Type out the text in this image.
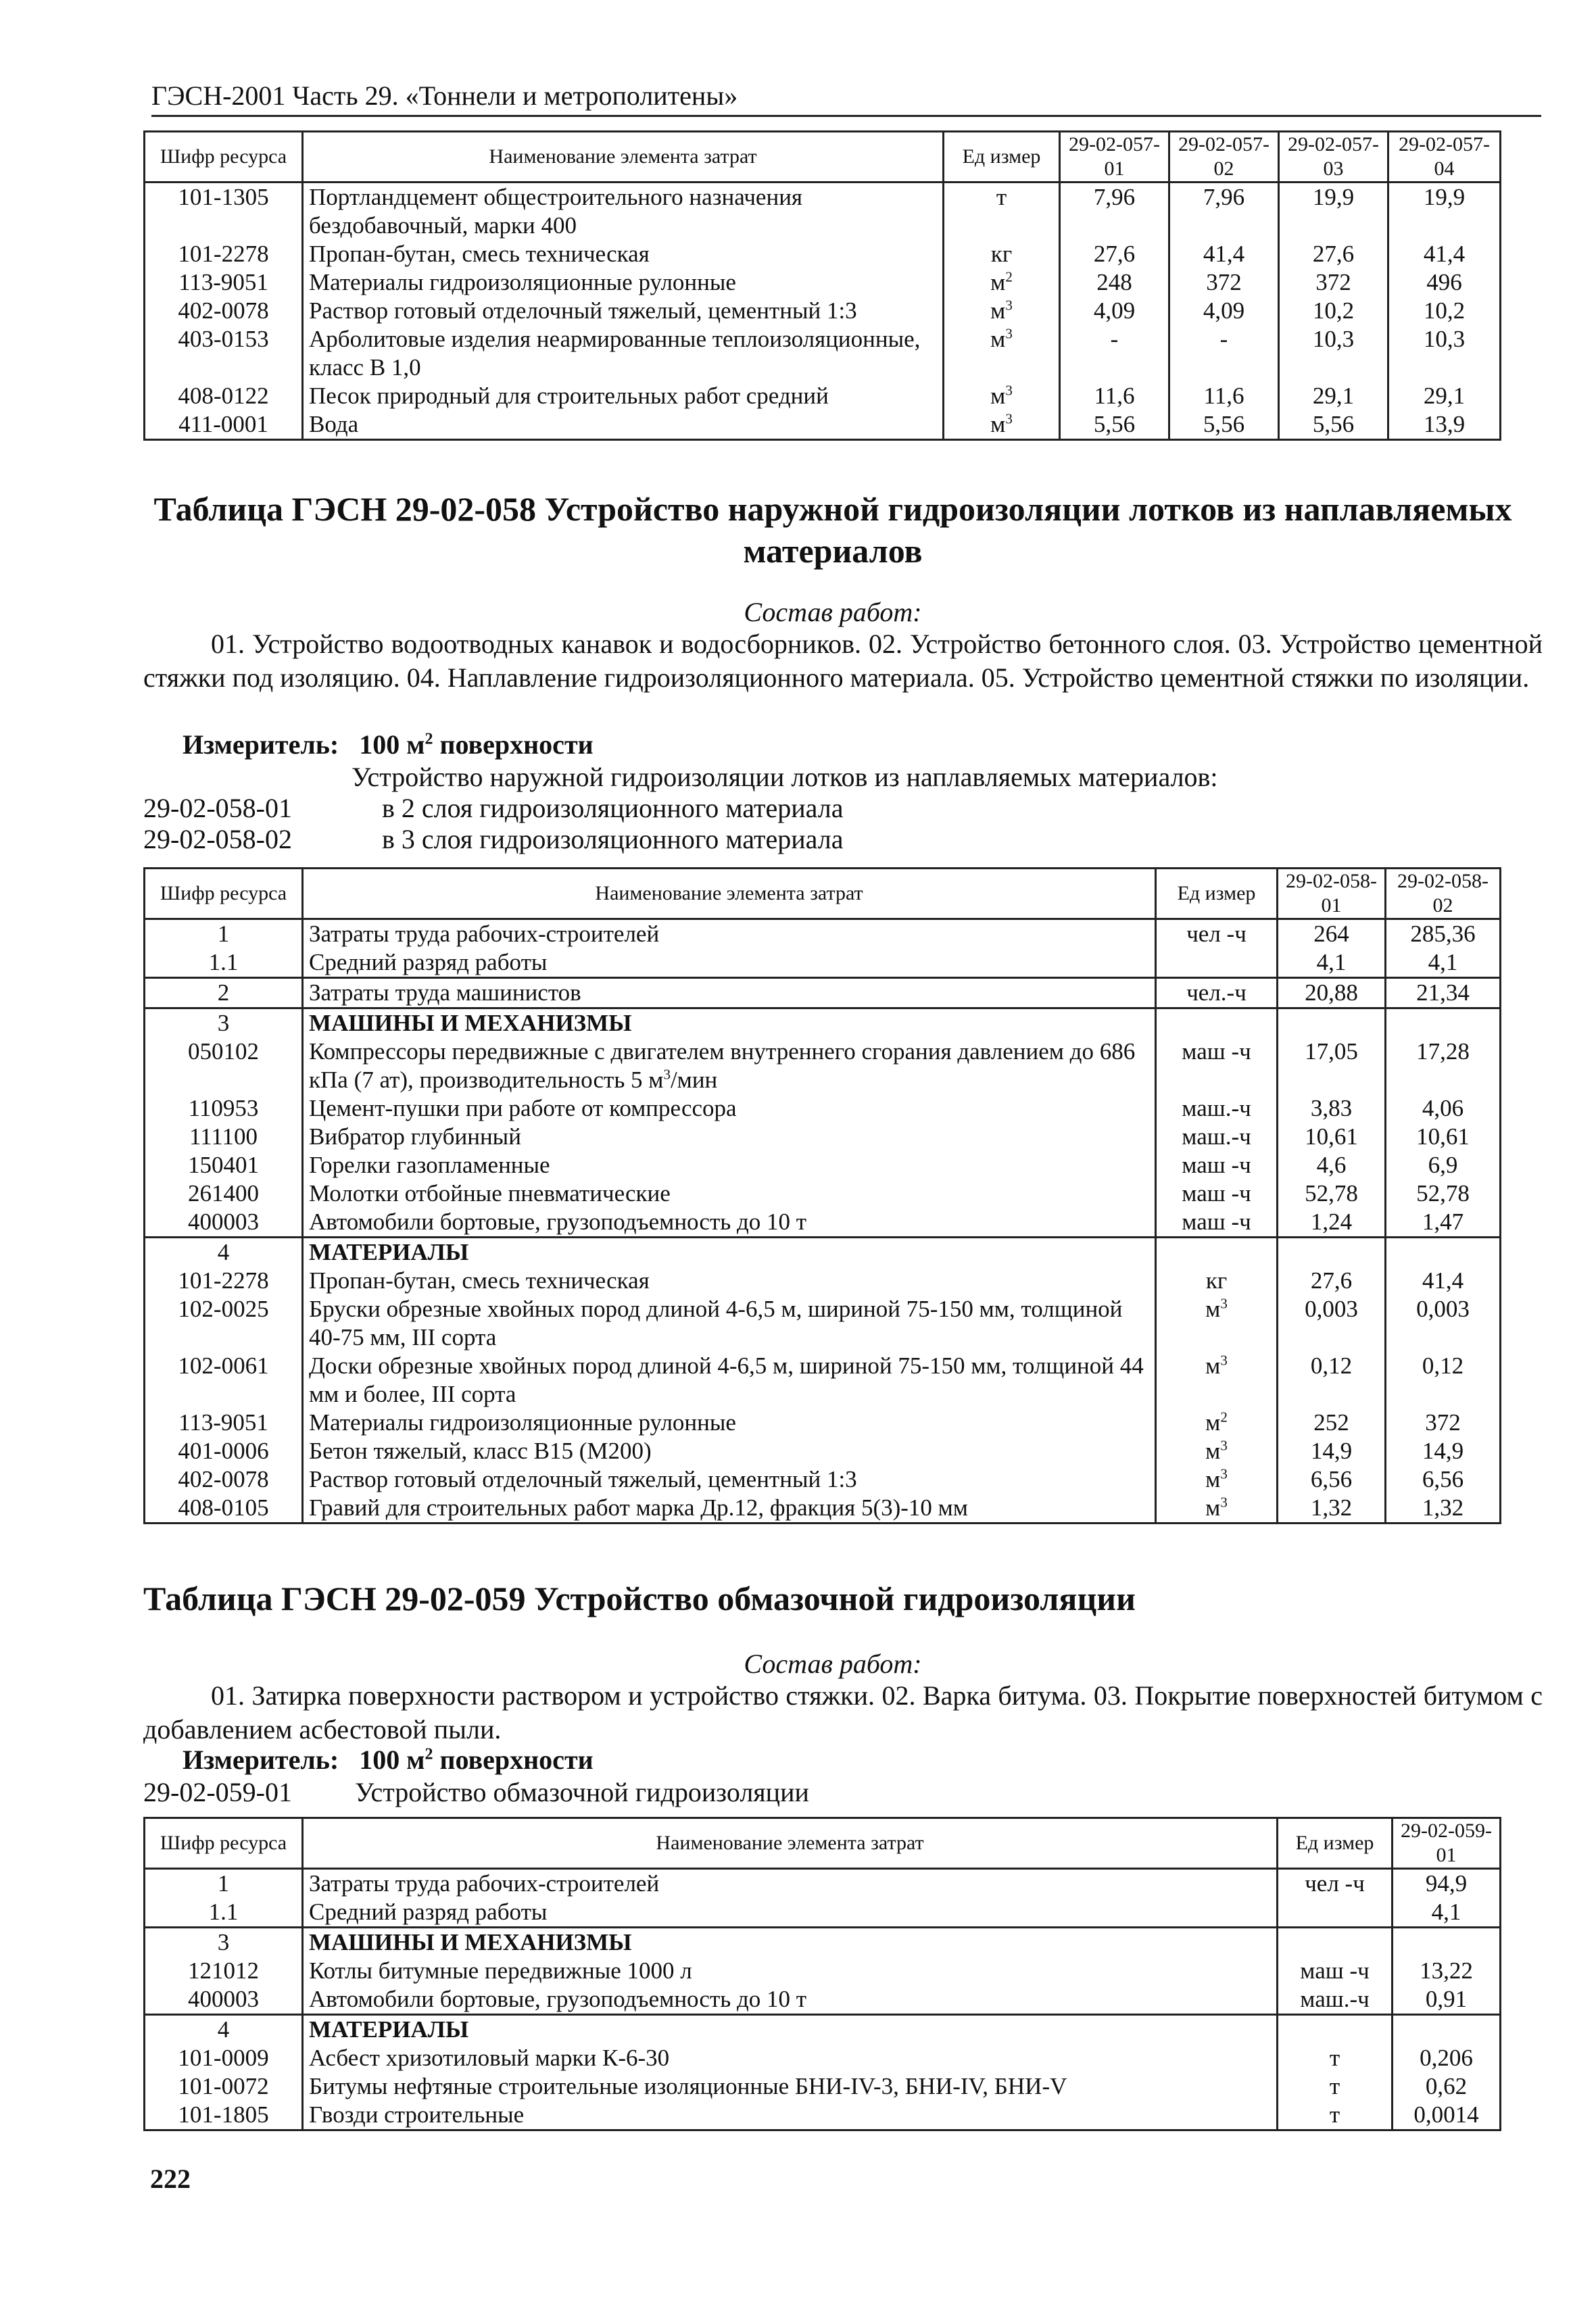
ГЭСН-2001 Часть 29. «Тоннели и метрополитены»
Шифр ресурса	Наименование элемента затрат	Ед измер	29-02-057-01	29-02-057-02	29-02-057-03	29-02-057-04
101-1305	Портландцемент общестроительного назначения бездобавочный, марки 400	т	7,96	7,96	19,9	19,9
101-2278	Пропан-бутан, смесь техническая	кг	27,6	41,4	27,6	41,4
113-9051	Материалы гидроизоляционные рулонные	$м^2$	248	372	372	496
402-0078	Раствор готовый отделочный тяжелый, цементный 1:3	$м^3$	4,09	4,09	10,2	10,2
403-0153	Арболитовые изделия неармированные теплоизоляционные, класс В 1,0	$м^3$	-	-	10,3	10,3
408-0122	Песок природный для строительных работ средний	$м^3$	11,6	11,6	29,1	29,1
411-0001	Вода	$м^3$	5,56	5,56	5,56	13,9
Таблица ГЭСН 29-02-058 Устройство наружной гидроизоляции лотков из наплавляемых материалов
Состав работ:
01. Устройство водоотводных канавок и водосборников. 02. Устройство бетонного слоя. 03. Устройство цементной стяжки под изоляцию. 04. Наплавление гидроизоляционного материала. 05. Устройство цементной стяжки по изоляции.
Измеритель: 100 $м^2$ поверхности
Устройство наружной гидроизоляции лотков из наплавляемых материалов:
29-02-058-01	в 2 слоя гидроизоляционного материала
29-02-058-02	в 3 слоя гидроизоляционного материала
Шифр ресурса	Наименование элемента затрат	Ед измер	29-02-058-01	29-02-058-02
1	Затраты труда рабочих-строителей	чел -ч	264	285,36
1.1	Средний разряд работы		4,1	4,1
2	Затраты труда машинистов	чел.-ч	20,88	21,34
3	МАШИНЫ И МЕХАНИЗМЫ			
050102	Компрессоры передвижные с двигателем внутреннего сгорания давлением до 686 кПа (7 ат), производительность 5 $м^3$/мин	маш -ч	17,05	17,28
110953	Цемент-пушки при работе от компрессора	маш.-ч	3,83	4,06
111100	Вибратор глубинный	маш.-ч	10,61	10,61
150401	Горелки газопламенные	маш -ч	4,6	6,9
261400	Молотки отбойные пневматические	маш -ч	52,78	52,78
400003	Автомобили бортовые, грузоподъемность до 10 т	маш -ч	1,24	1,47
4	МАТЕРИАЛЫ			
101-2278	Пропан-бутан, смесь техническая	кг	27,6	41,4
102-0025	Бруски обрезные хвойных пород длиной 4-6,5 м, шириной 75-150 мм, толщиной 40-75 мм, III сорта	$м^3$	0,003	0,003
102-0061	Доски обрезные хвойных пород длиной 4-6,5 м, шириной 75-150 мм, толщиной 44 мм и более, III сорта	$м^3$	0,12	0,12
113-9051	Материалы гидроизоляционные рулонные	$м^2$	252	372
401-0006	Бетон тяжелый, класс В15 (М200)	$м^3$	14,9	14,9
402-0078	Раствор готовый отделочный тяжелый, цементный 1:3	$м^3$	6,56	6,56
408-0105	Гравий для строительных работ марка Др.12, фракция 5(3)-10 мм	$м^3$	1,32	1,32
Таблица ГЭСН 29-02-059 Устройство обмазочной гидроизоляции
Состав работ:
01. Затирка поверхности раствором и устройство стяжки. 02. Варка битума. 03. Покрытие поверхностей битумом с добавлением асбестовой пыли.
Измеритель: 100 $м^2$ поверхности
29-02-059-01 Устройство обмазочной гидроизоляции
Шифр ресурса	Наименование элемента затрат	Ед измер	29-02-059-01
1	Затраты труда рабочих-строителей	чел -ч	94,9
1.1	Средний разряд работы		4,1
3	МАШИНЫ И МЕХАНИЗМЫ		
121012	Котлы битумные передвижные 1000 л	маш -ч	13,22
400003	Автомобили бортовые, грузоподъемность до 10 т	маш.-ч	0,91
4	МАТЕРИАЛЫ		
101-0009	Асбест хризотиловый марки К-6-30	т	0,206
101-0072	Битумы нефтяные строительные изоляционные БНИ-IV-3, БНИ-IV, БНИ-V	т	0,62
101-1805	Гвозди строительные	т	0,0014
222
